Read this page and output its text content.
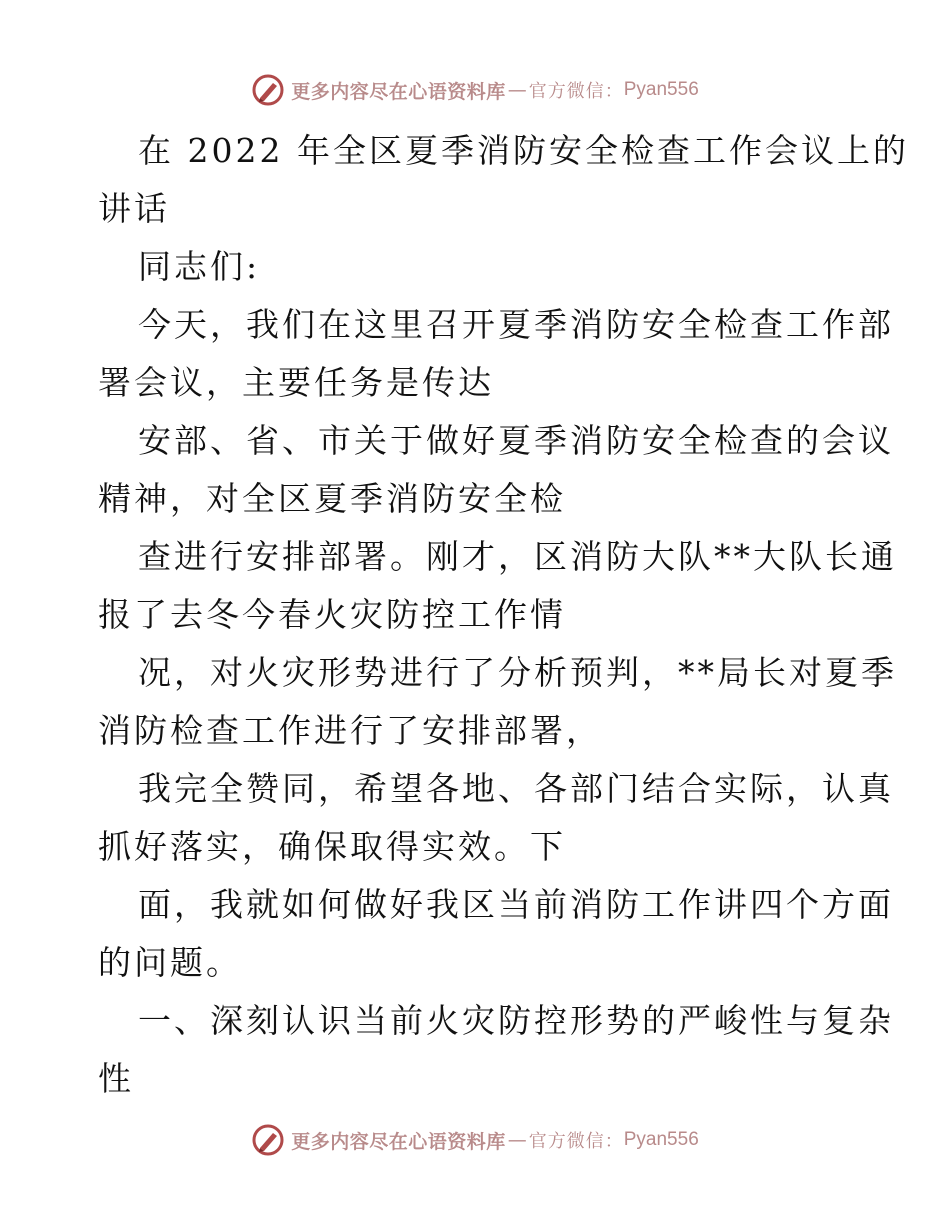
更多内容尽在心语资料库 — 官方微信： Pyan556
在 2022 年全区夏季消防安全检查工作会议上的
讲话
同志们:
今天，我们在这里召开夏季消防安全检查工作部
署会议，主要任务是传达
安部、省、市关于做好夏季消防安全检查的会议
精神，对全区夏季消防安全检
查进行安排部署。刚才，区消防大队**大队长通
报了去冬今春火灾防控工作情
况，对火灾形势进行了分析预判，**局长对夏季
消防检查工作进行了安排部署，
我完全赞同，希望各地、各部门结合实际，认真
抓好落实，确保取得实效。下
面，我就如何做好我区当前消防工作讲四个方面
的问题。
一、深刻认识当前火灾防控形势的严峻性与复杂
性
更多内容尽在心语资料库 — 官方微信： Pyan556
